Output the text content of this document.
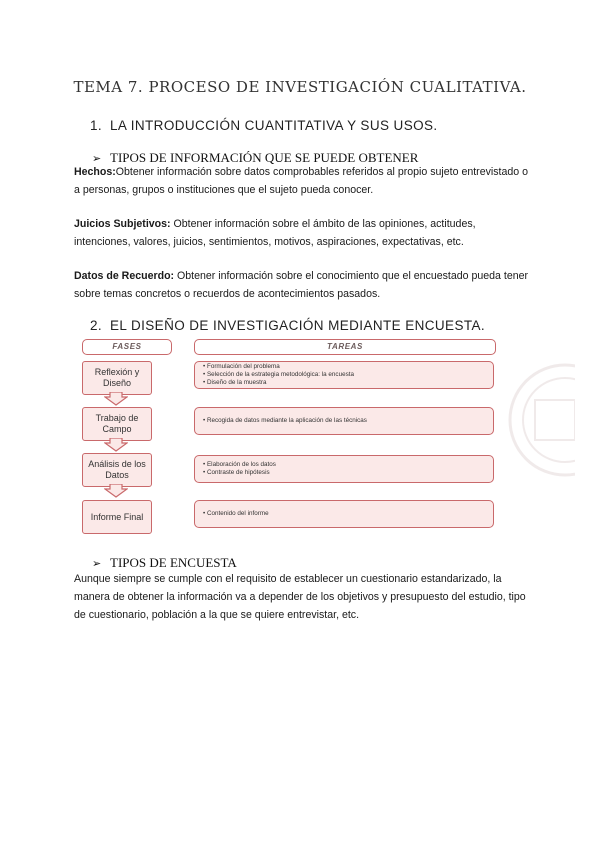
TEMA 7. PROCESO DE INVESTIGACIÓN CUALITATIVA.
1. LA INTRODUCCIÓN CUANTITATIVA Y SUS USOS.
➢ TIPOS DE INFORMACIÓN QUE SE PUEDE OBTENER
Hechos:Obtener información sobre datos comprobables referidos al propio sujeto entrevistado o a personas, grupos o instituciones que el sujeto pueda conocer.
Juicios Subjetivos: Obtener información sobre el ámbito de las opiniones, actitudes, intenciones, valores, juicios, sentimientos, motivos, aspiraciones, expectativas, etc.
Datos de Recuerdo: Obtener información sobre el conocimiento que el encuestado pueda tener sobre temas concretos o recuerdos de acontecimientos pasados.
2. EL DISEÑO DE INVESTIGACIÓN MEDIANTE ENCUESTA.
FASES	TAREAS
Reflexión y Diseño
• Formulación del problema
• Selección de la estrategia metodológica: la encuesta
• Diseño de la muestra
Trabajo de Campo
• Recogida de datos mediante la aplicación de las técnicas
Análisis de los Datos
• Elaboración de los datos
• Contraste de hipótesis
Informe Final
•	Contenido del informe
➢ TIPOS DE ENCUESTA
Aunque siempre se cumple con el requisito de establecer un cuestionario estandarizado, la manera de obtener la información va a depender de los objetivos y presupuesto del estudio, tipo de cuestionario, población a la que se quiere entrevistar, etc.
